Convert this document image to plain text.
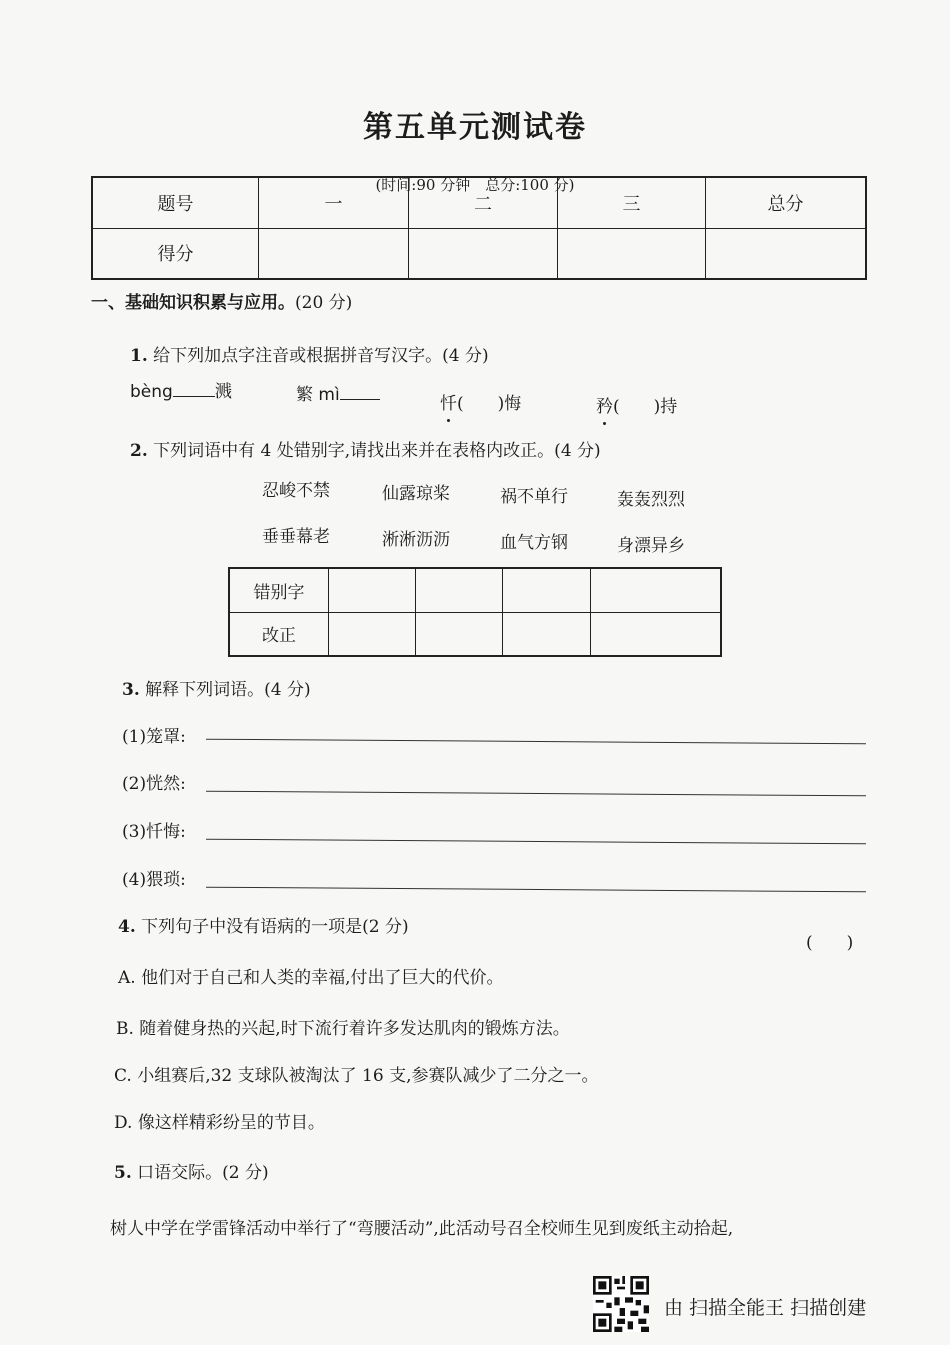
第五单元测试卷
(时间:90 分钟　总分:100 分)
题号	一	二	三	总分
得分				
一、基础知识积累与应用。(20 分)
1. 给下列加点字注音或根据拼音写汉字。(4 分)
bèng 溅	繁 mì	忏(　　)悔	矜(　　)持
2. 下列词语中有 4 处错别字,请找出来并在表格内改正。(4 分)
忍峻不禁	仙露琼桨	祸不单行	轰轰烈烈
垂垂幕老	淅淅沥沥	血气方钢	身漂异乡
错别字				
改正				
3. 解释下列词语。(4 分)
(1)笼罩:
(2)恍然:
(3)忏悔:
(4)猥琐:
4. 下列句子中没有语病的一项是(2 分)
(　　)
A. 他们对于自己和人类的幸福,付出了巨大的代价。
B. 随着健身热的兴起,时下流行着许多发达肌肉的锻炼方法。
C. 小组赛后,32 支球队被淘汰了 16 支,参赛队减少了二分之一。
D. 像这样精彩纷呈的节目。
5. 口语交际。(2 分)
树人中学在学雷锋活动中举行了“弯腰活动”,此活动号召全校师生见到废纸主动拾起,
由 扫描全能王 扫描创建
